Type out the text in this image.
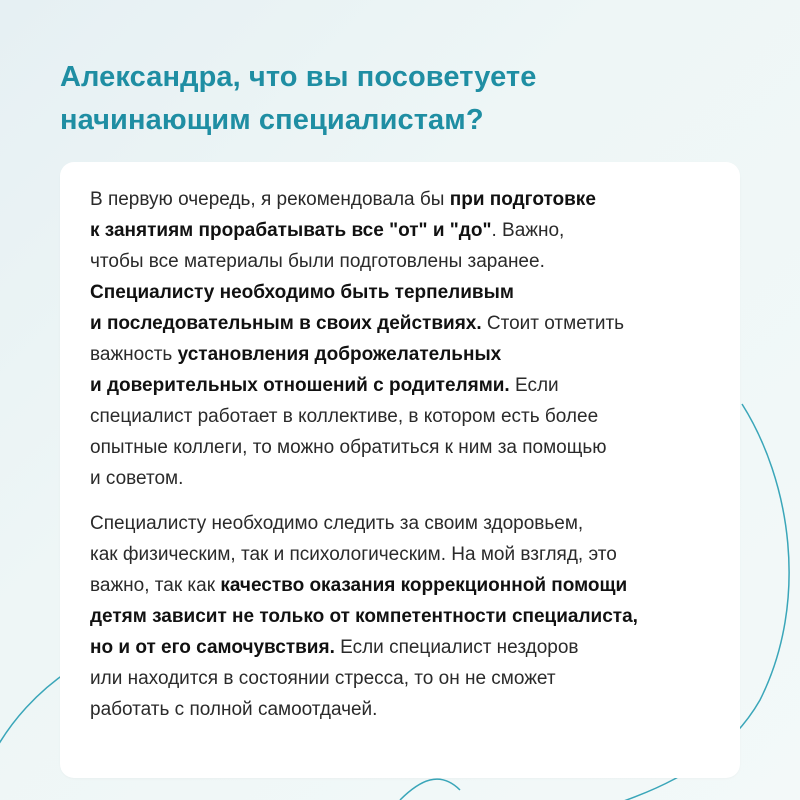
Александра, что вы посоветуете
начинающим специалистам?

В первую очередь, я рекомендовала бы при подготовке
к занятиям прорабатывать все "от" и "до". Важно,
чтобы все материалы были подготовлены заранее.
Специалисту необходимо быть терпеливым
и последовательным в своих действиях. Стоит отметить
важность установления доброжелательных
и доверительных отношений с родителями. Если
специалист работает в коллективе, в котором есть более
опытные коллеги, то можно обратиться к ним за помощью
и советом.

Специалисту необходимо следить за своим здоровьем,
как физическим, так и психологическим. На мой взгляд, это
важно, так как качество оказания коррекционной помощи
детям зависит не только от компетентности специалиста,
но и от его самочувствия. Если специалист нездоров
или находится в состоянии стресса, то он не сможет
работать с полной самоотдачей.
